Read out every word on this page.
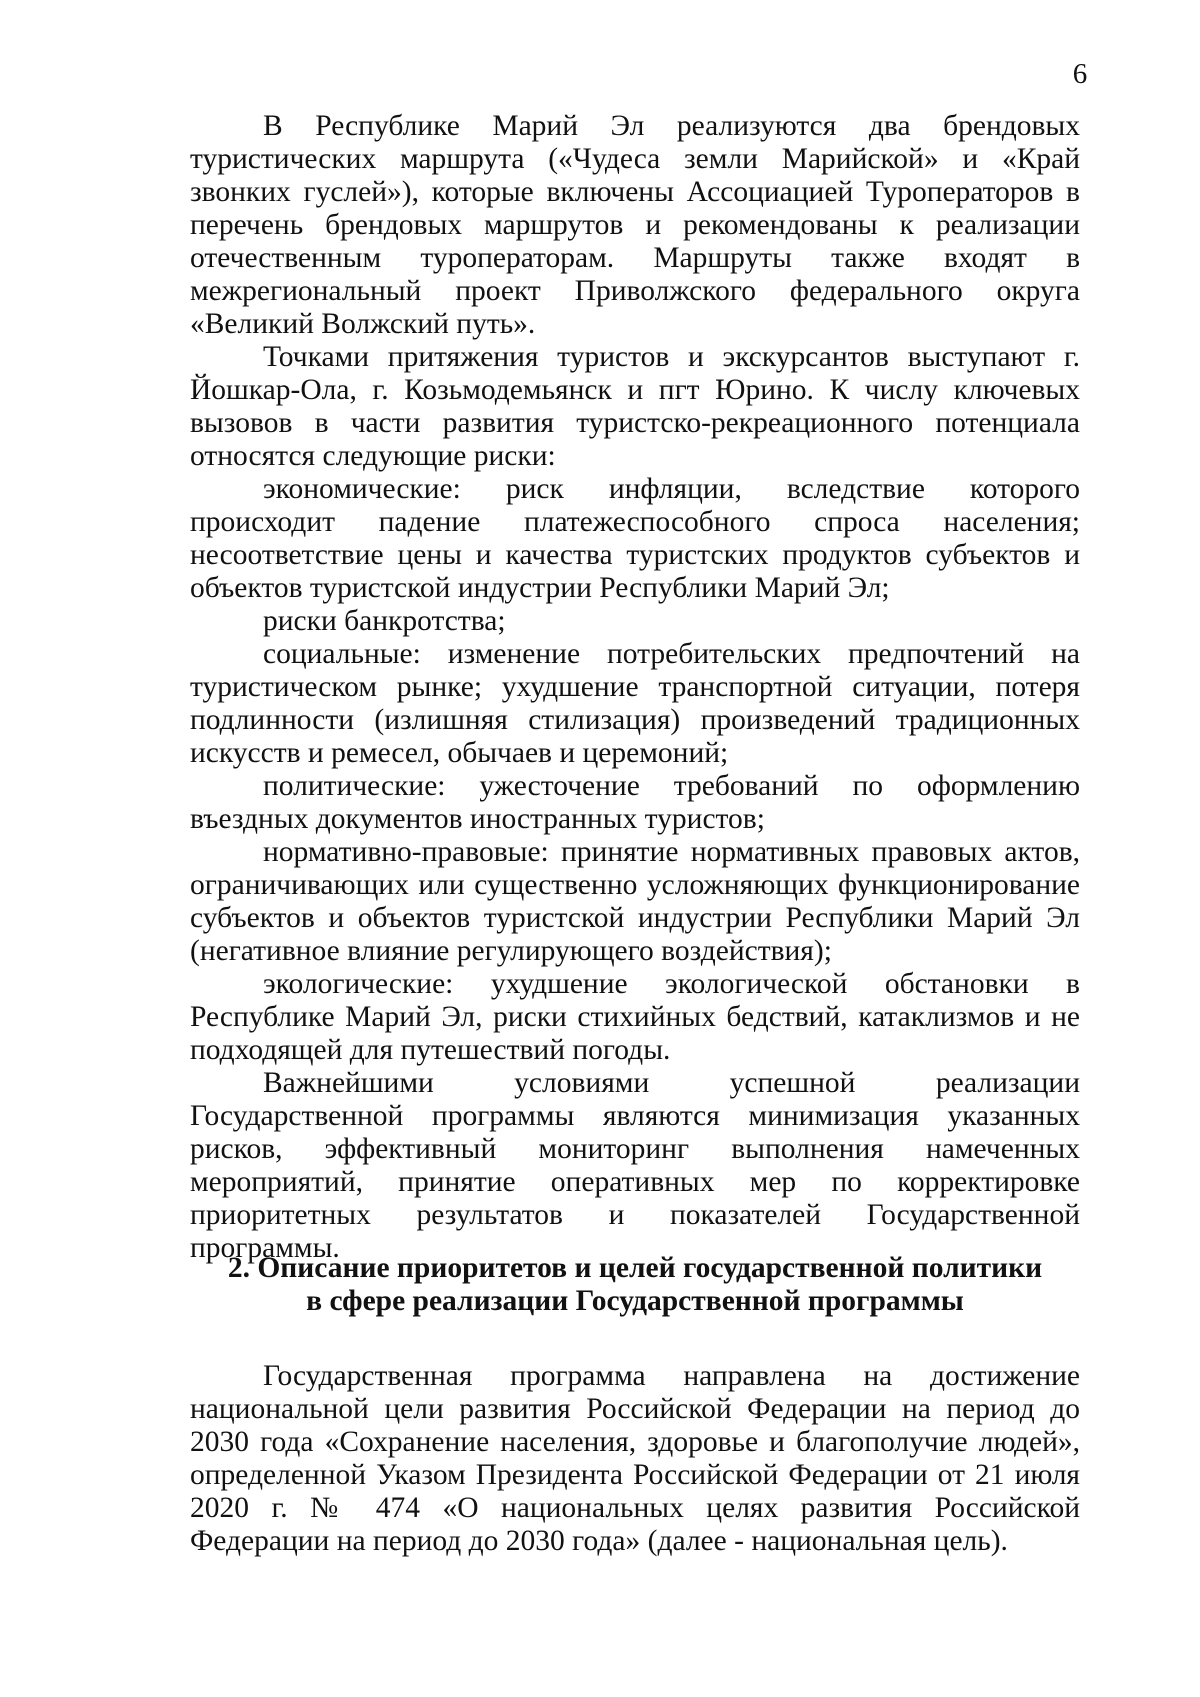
6

В Республике Марий Эл реализуются два брендовых туристических маршрута («Чудеса земли Марийской» и «Край звонких гуслей»), которые включены Ассоциацией Туроператоров в перечень брендовых маршрутов и рекомендованы к реализации отечественным туроператорам. Маршруты также входят в межрегиональный проект Приволжского федерального округа «Великий Волжский путь».

Точками притяжения туристов и экскурсантов выступают г. Йошкар-Ола, г. Козьмодемьянск и пгт Юрино. К числу ключевых вызовов в части развития туристско-рекреационного потенциала относятся следующие риски:

экономические: риск инфляции, вследствие которого происходит падение платежеспособного спроса населения; несоответствие цены и качества туристских продуктов субъектов и объектов туристской индустрии Республики Марий Эл;

риски банкротства;

социальные: изменение потребительских предпочтений на туристическом рынке; ухудшение транспортной ситуации, потеря подлинности (излишняя стилизация) произведений традиционных искусств и ремесел, обычаев и церемоний;

политические: ужесточение требований по оформлению въездных документов иностранных туристов;

нормативно-правовые: принятие нормативных правовых актов, ограничивающих или существенно усложняющих функционирование субъектов и объектов туристской индустрии Республики Марий Эл (негативное влияние регулирующего воздействия);

экологические: ухудшение экологической обстановки в Республике Марий Эл, риски стихийных бедствий, катаклизмов и не подходящей для путешествий погоды.

Важнейшими условиями успешной реализации Государственной программы являются минимизация указанных рисков, эффективный мониторинг выполнения намеченных мероприятий, принятие оперативных мер по корректировке приоритетных результатов и показателей Государственной программы.

2. Описание приоритетов и целей государственной политики
в сфере реализации Государственной программы

Государственная программа направлена на достижение национальной цели развития Российской Федерации на период до 2030 года «Сохранение населения, здоровье и благополучие людей», определенной Указом Президента Российской Федерации от 21 июля 2020 г. № 474 «О национальных целях развития Российской Федерации на период до 2030 года» (далее - национальная цель).
